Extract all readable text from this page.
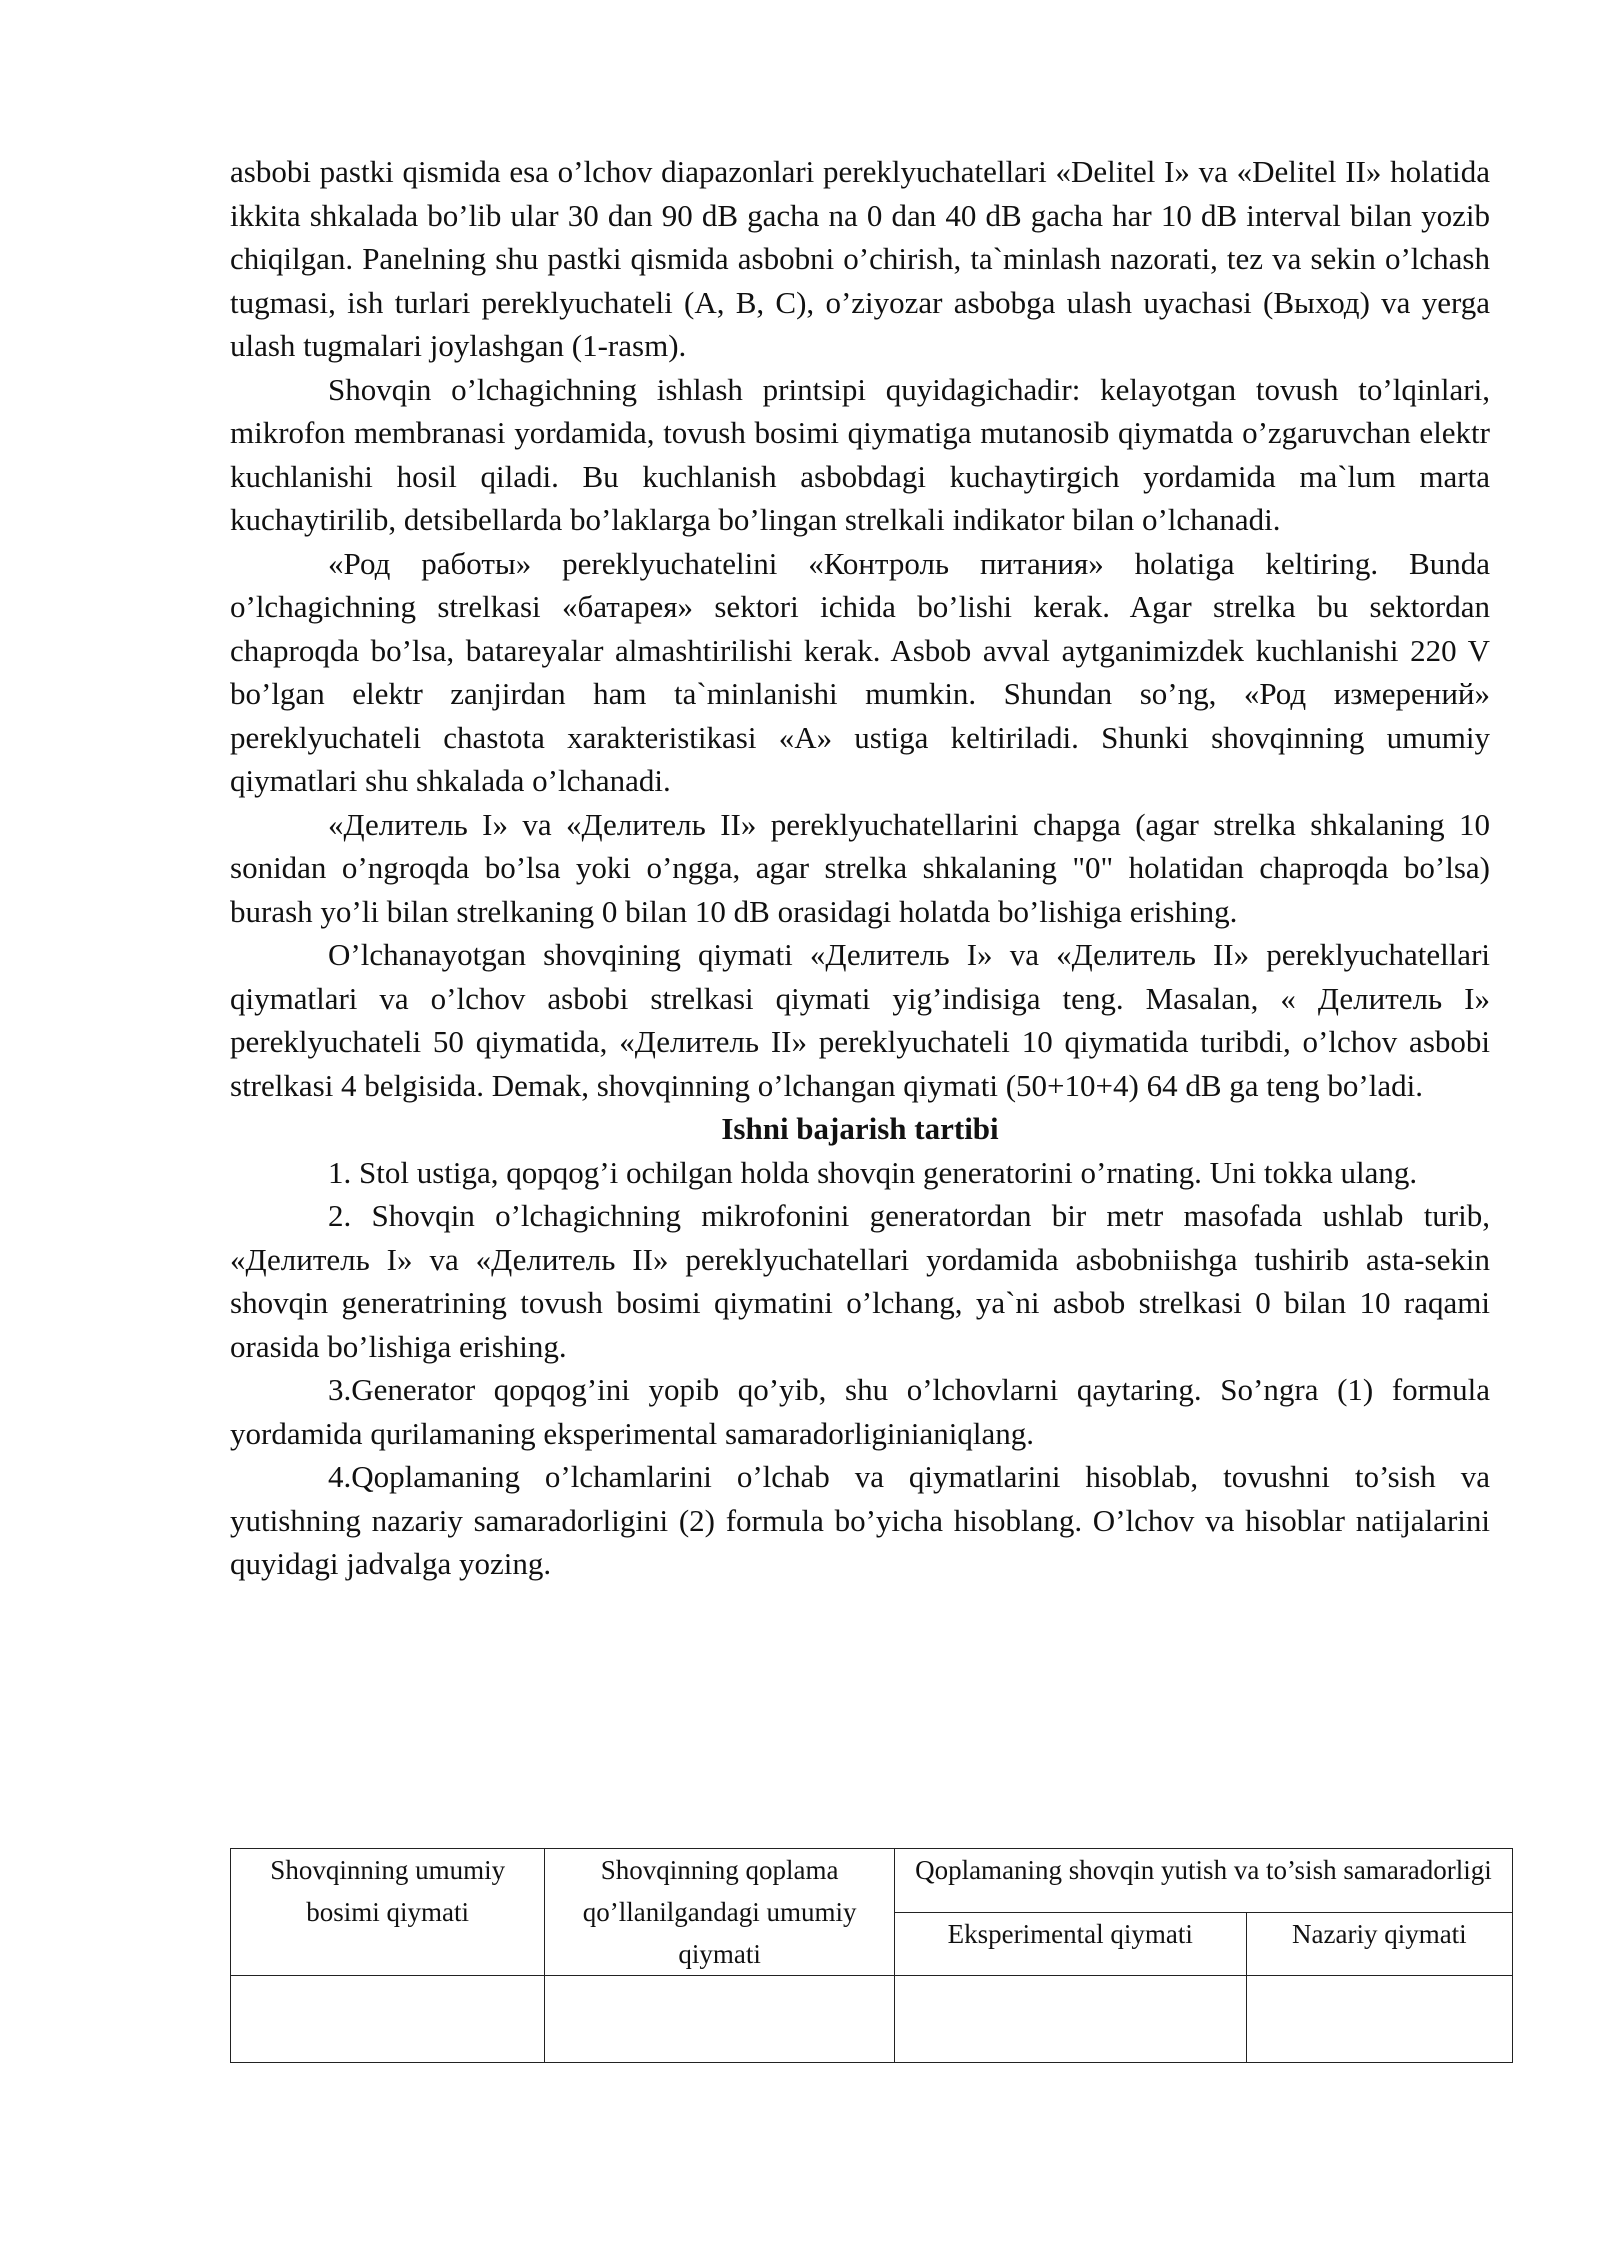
asbobi pastki qismida esa o’lchov diapazonlari pereklyuchatellari «Delitel I» va «Delitel II» holatida ikkita shkalada bo’lib ular 30 dan 90 dB gacha na 0 dan 40 dB gacha har 10 dB interval bilan yozib chiqilgan. Panelning shu pastki qismida asbobni o’chirish, ta`minlash nazorati, tez va sekin o’lchash tugmasi, ish turlari pereklyuchateli (A, B, C), o’ziyozar asbobga ulash uyachasi (Выход) va yerga ulash tugmalari joylashgan (1-rasm).

Shovqin o’lchagichning ishlash printsipi quyidagichadir: kelayotgan tovush to’lqinlari, mikrofon membranasi yordamida, tovush bosimi qiymatiga mutanosib qiymatda o’zgaruvchan elektr kuchlanishi hosil qiladi. Bu kuchlanish asbobdagi kuchaytirgich yordamida ma`lum marta kuchaytirilib, detsibellarda bo’laklarga bo’lingan strelkali indikator bilan o’lchanadi.

«Род работы» pereklyuchatelini «Контроль питания» holatiga keltiring. Bunda o’lchagichning strelkasi «батарея» sektori ichida bo’lishi kerak. Agar strelka bu sektordan chaproqda bo’lsa, batareyalar almashtirilishi kerak. Asbob avval aytganimizdek kuchlanishi 220 V bo’lgan elektr zanjirdan ham ta`minlanishi mumkin. Shundan so’ng, «Род измерений» pereklyuchateli chastota xarakteristikasi «A» ustiga keltiriladi. Shunki shovqinning umumiy qiymatlari shu shkalada o’lchanadi.

«Делитель I» va «Делитель II» pereklyuchatellarini chapga (agar strelka shkalaning 10 sonidan o’ngroqda bo’lsa yoki o’ngga, agar strelka shkalaning "0" holatidan chaproqda bo’lsa) burash yo’li bilan strelkaning 0 bilan 10 dB orasidagi holatda bo’lishiga erishing.

O’lchanayotgan shovqining qiymati «Делитель I» va «Делитель II» pereklyuchatellari qiymatlari va o’lchov asbobi strelkasi qiymati yig’indisiga teng. Masalan, « Делитель I» pereklyuchateli 50 qiymatida, «Делитель II» pereklyuchateli 10 qiymatida turibdi, o’lchov asbobi strelkasi 4 belgisida. Demak, shovqinning o’lchangan qiymati (50+10+4) 64 dB ga teng bo’ladi.

Ishni bajarish tartibi

1. Stol ustiga, qopqog’i ochilgan holda shovqin generatorini o’rnating. Uni tokka ulang.

2. Shovqin o’lchagichning mikrofonini generatordan bir metr masofada ushlab turib, «Делитель I» va «Делитель II» pereklyuchatellari yordamida asbobniishga tushirib asta-sekin shovqin generatrining tovush bosimi qiymatini o’lchang, ya`ni asbob strelkasi 0 bilan 10 raqami orasida bo’lishiga erishing.

3.Generator qopqog’ini yopib qo’yib, shu o’lchovlarni qaytaring. So’ngra (1) formula yordamida qurilamaning eksperimental samaradorliginianiqlang.

4.Qoplamaning o’lchamlarini o’lchab va qiymatlarini hisoblab, tovushni to’sish va yutishning nazariy samaradorligini (2) formula bo’yicha hisoblang. O’lchov va hisoblar natijalarini quyidagi jadvalga yozing.

Shovqinning umumiy bosimi qiymati	Shovqinning qoplama qo’llanilgandagi umumiy qiymati	Qoplamaning shovqin yutish va to’sish samaradorligi	
		Eksperimental qiymati	Nazariy qiymati
